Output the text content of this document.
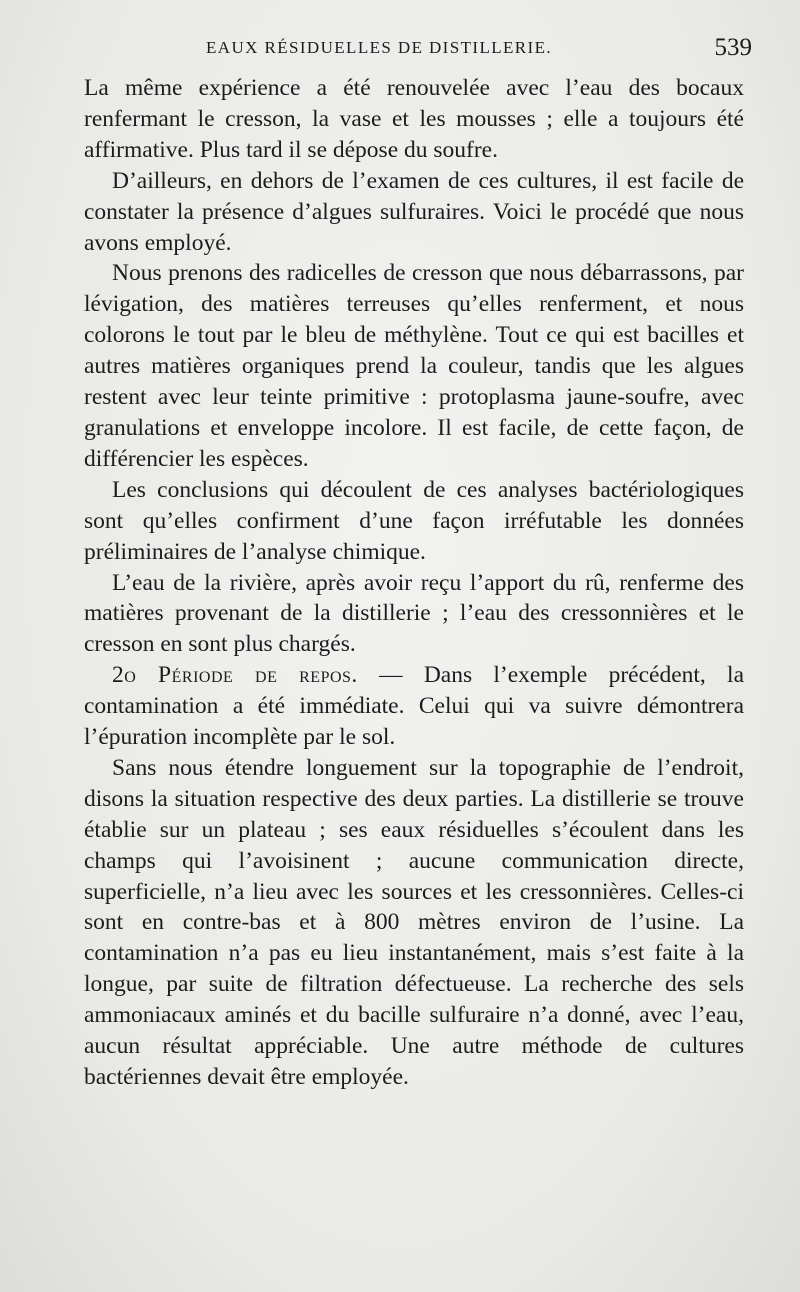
EAUX RÉSIDUELLES DE DISTILLERIE.	539

La même expérience a été renouvelée avec l’eau des bocaux renfermant le cresson, la vase et les mousses ; elle a toujours été affirmative. Plus tard il se dépose du soufre.

D’ailleurs, en dehors de l’examen de ces cultures, il est facile de constater la présence d’algues sulfuraires. Voici le procédé que nous avons employé.

Nous prenons des radicelles de cresson que nous débarrassons, par lévigation, des matières terreuses qu’elles renferment, et nous colorons le tout par le bleu de méthylène. Tout ce qui est bacilles et autres matières organiques prend la couleur, tandis que les algues restent avec leur teinte primitive : protoplasma jaune-soufre, avec granulations et enveloppe incolore. Il est facile, de cette façon, de différencier les espèces.

Les conclusions qui découlent de ces analyses bactériologiques sont qu’elles confirment d’une façon irréfutable les données préliminaires de l’analyse chimique.

L’eau de la rivière, après avoir reçu l’apport du rû, renferme des matières provenant de la distillerie ; l’eau des cressonnières et le cresson en sont plus chargés.

2o Période de repos. — Dans l’exemple précédent, la contamination a été immédiate. Celui qui va suivre démontrera l’épuration incomplète par le sol.

Sans nous étendre longuement sur la topographie de l’endroit, disons la situation respective des deux parties. La distillerie se trouve établie sur un plateau ; ses eaux résiduelles s’écoulent dans les champs qui l’avoisinent ; aucune communication directe, superficielle, n’a lieu avec les sources et les cressonnières. Celles-ci sont en contre-bas et à 800 mètres environ de l’usine. La contamination n’a pas eu lieu instantanément, mais s’est faite à la longue, par suite de filtration défectueuse. La recherche des sels ammoniacaux aminés et du bacille sulfuraire n’a donné, avec l’eau, aucun résultat appréciable. Une autre méthode de cultures bactériennes devait être employée.
